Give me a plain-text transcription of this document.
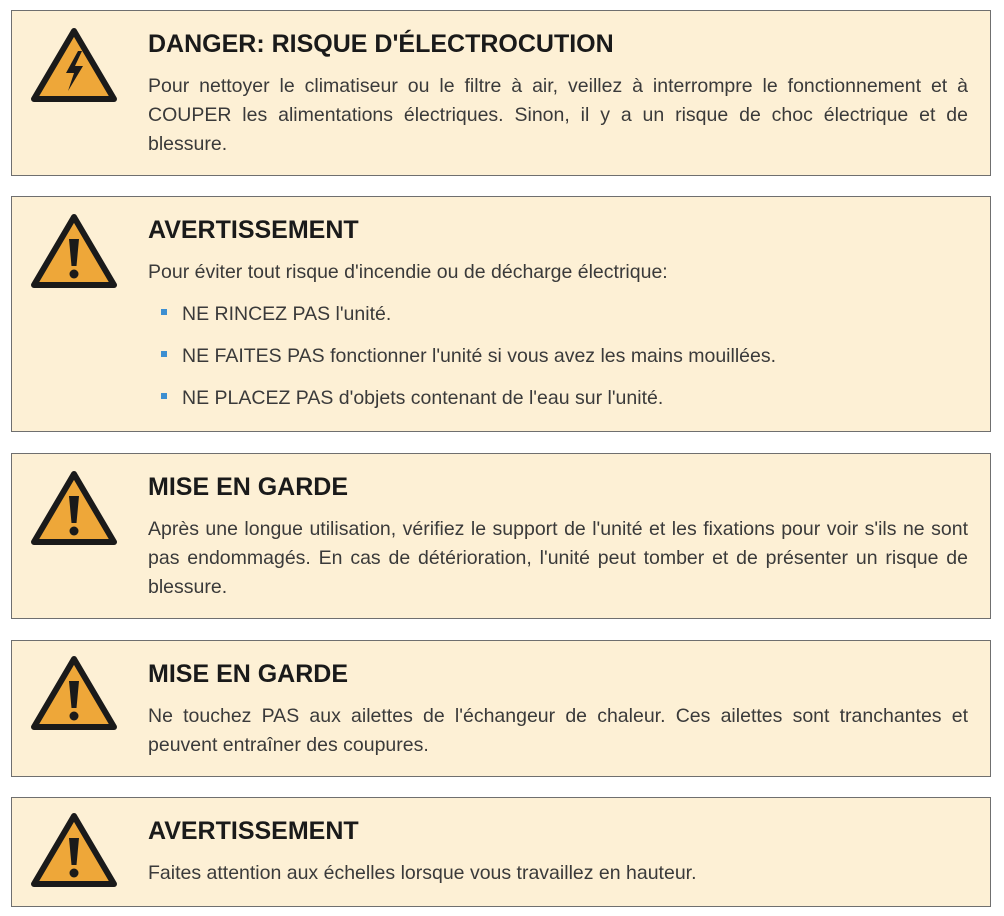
DANGER: RISQUE D'ÉLECTROCUTION

Pour nettoyer le climatiseur ou le filtre à air, veillez à interrompre le fonctionnement et à COUPER les alimentations électriques. Sinon, il y a un risque de choc électrique et de blessure.

AVERTISSEMENT

Pour éviter tout risque d'incendie ou de décharge électrique:

NE RINCEZ PAS l'unité.
NE FAITES PAS fonctionner l'unité si vous avez les mains mouillées.
NE PLACEZ PAS d'objets contenant de l'eau sur l'unité.
MISE EN GARDE

Après une longue utilisation, vérifiez le support de l'unité et les fixations pour voir s'ils ne sont pas endommagés. En cas de détérioration, l'unité peut tomber et de présenter un risque de blessure.

MISE EN GARDE

Ne touchez PAS aux ailettes de l'échangeur de chaleur. Ces ailettes sont tranchantes et peuvent entraîner des coupures.

AVERTISSEMENT

Faites attention aux échelles lorsque vous travaillez en hauteur.
